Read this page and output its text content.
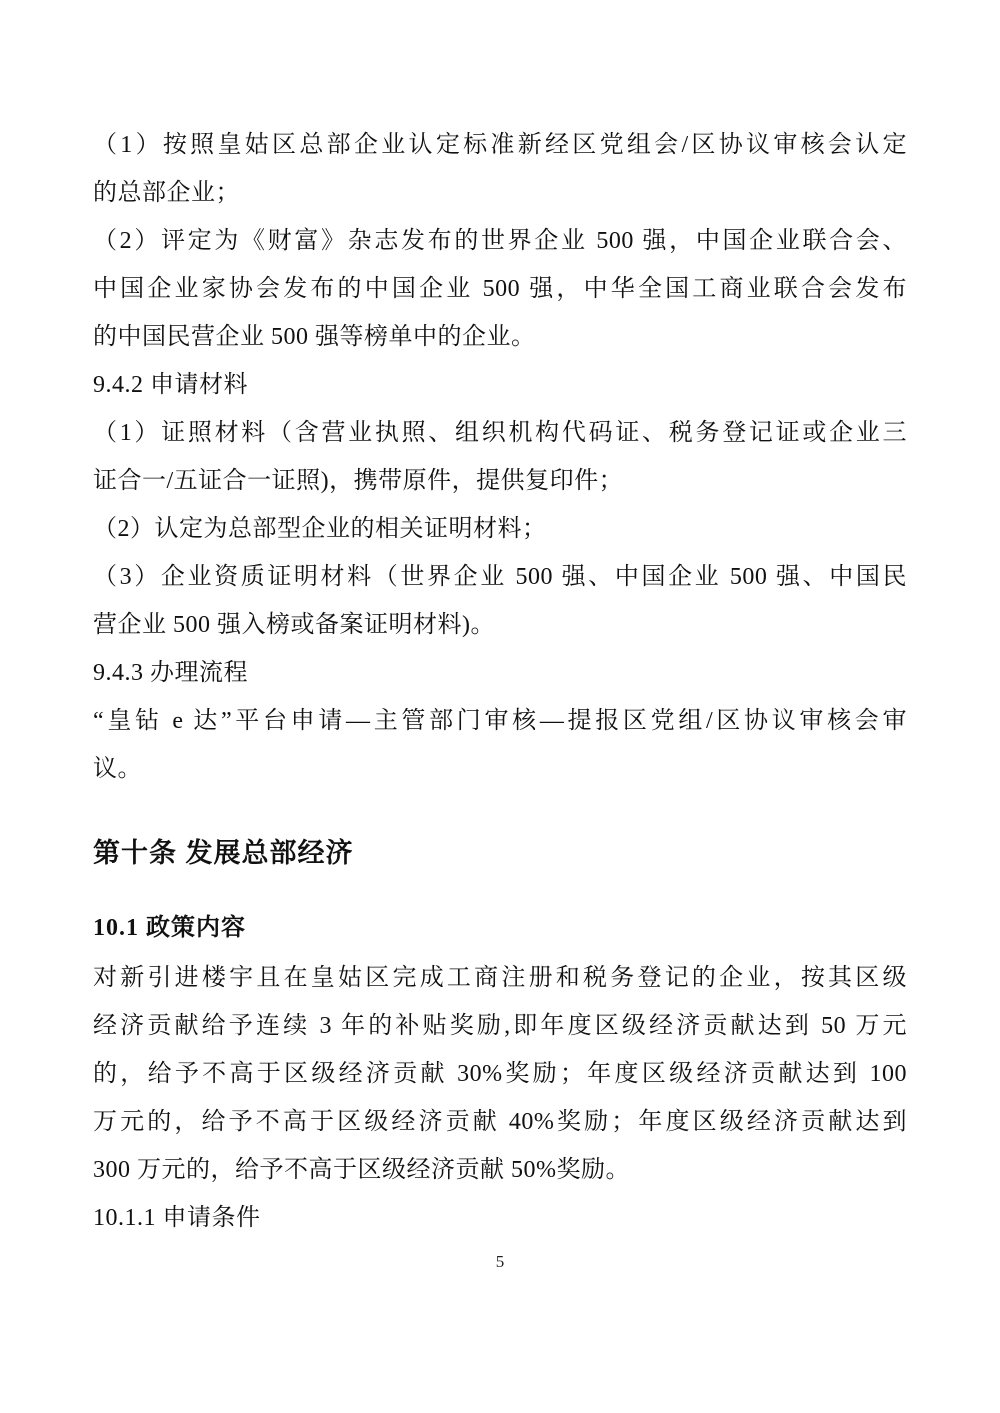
（1）按照皇姑区总部企业认定标准新经区党组会/区协议审核会认定
的总部企业；
（2）评定为《财富》杂志发布的世界企业 500 强，中国企业联合会、
中国企业家协会发布的中国企业 500 强，中华全国工商业联合会发布
的中国民营企业 500 强等榜单中的企业。
9.4.2 申请材料
（1）证照材料（含营业执照、组织机构代码证、税务登记证或企业三
证合一/五证合一证照)，携带原件，提供复印件；
（2）认定为总部型企业的相关证明材料；
（3）企业资质证明材料（世界企业 500 强、中国企业 500 强、中国民
营企业 500 强入榜或备案证明材料)。
9.4.3 办理流程
“皇钻 e 达”平台申请—主管部门审核—提报区党组/区协议审核会审
议。
第十条 发展总部经济
10.1 政策内容
对新引进楼宇且在皇姑区完成工商注册和税务登记的企业，按其区级
经济贡献给予连续 3 年的补贴奖励,即年度区级经济贡献达到 50 万元
的，给予不高于区级经济贡献 30%奖励；年度区级经济贡献达到 100
万元的，给予不高于区级经济贡献 40%奖励；年度区级经济贡献达到
300 万元的，给予不高于区级经济贡献 50%奖励。
10.1.1 申请条件
5
